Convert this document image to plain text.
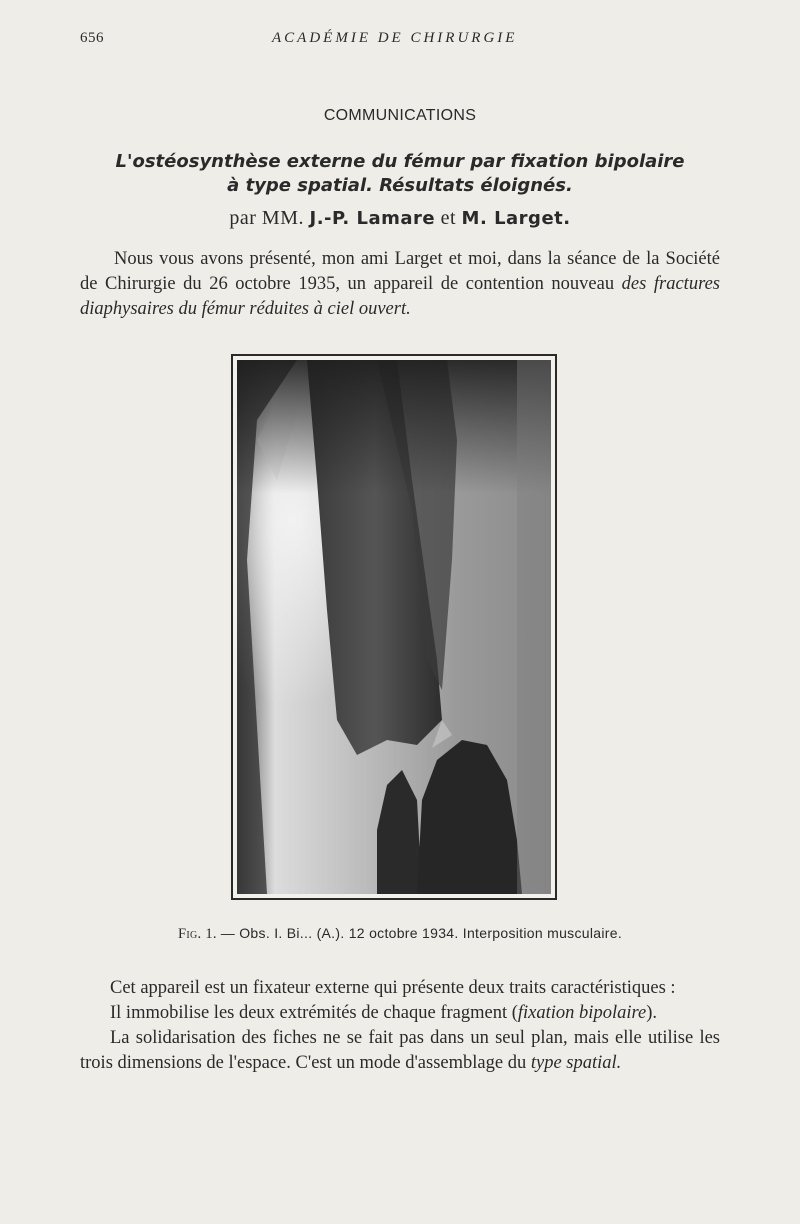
656	ACADÉMIE DE CHIRURGIE
COMMUNICATIONS
L'ostéosynthèse externe du fémur par fixation bipolaire
à type spatial. Résultats éloignés.
par MM. J.-P. Lamare et M. Larget.

Nous vous avons présenté, mon ami Larget et moi, dans la séance de la Société de Chirurgie du 26 octobre 1935, un appareil de contention nouveau des fractures diaphysaires du fémur réduites à ciel ouvert.

Fig. 1. — Obs. I. Bi... (A.). 12 octobre 1934. Interposition musculaire.

Cet appareil est un fixateur externe qui présente deux traits caractéristiques :

Il immobilise les deux extrémités de chaque fragment (fixation bipolaire).

La solidarisation des fiches ne se fait pas dans un seul plan, mais elle utilise les trois dimensions de l'espace. C'est un mode d'assemblage du type spatial.
